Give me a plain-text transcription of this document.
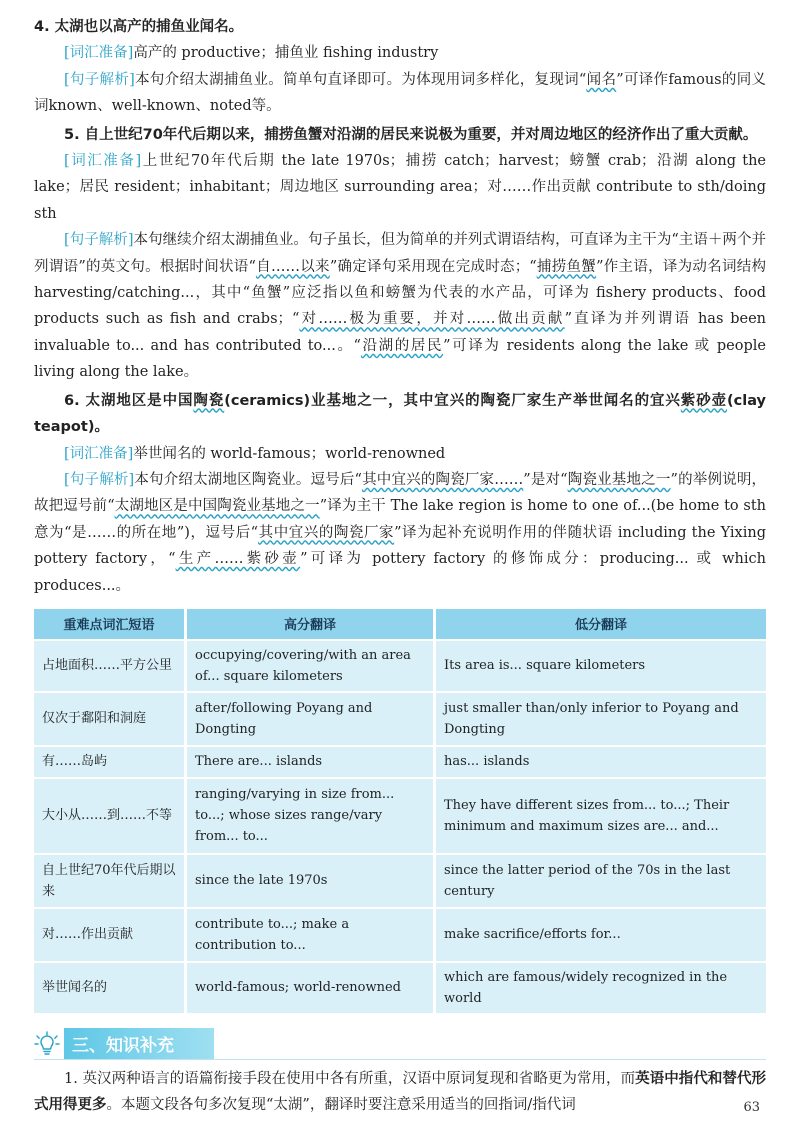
4. 太湖也以高产的捕鱼业闻名。

[词汇准备]高产的 productive；捕鱼业 fishing industry

[句子解析]本句介绍太湖捕鱼业。简单句直译即可。为体现用词多样化，复现词“闻名”可译作famous的同义词known、well-known、noted等。

5. 自上世纪70年代后期以来，捕捞鱼蟹对沿湖的居民来说极为重要，并对周边地区的经济作出了重大贡献。

[词汇准备]上世纪70年代后期 the late 1970s；捕捞 catch；harvest；螃蟹 crab；沿湖 along the lake；居民 resident；inhabitant；周边地区 surrounding area；对……作出贡献 contribute to sth/doing sth

[句子解析]本句继续介绍太湖捕鱼业。句子虽长，但为简单的并列式谓语结构，可直译为主干为“主语＋两个并列谓语”的英文句。根据时间状语“自……以来”确定译句采用现在完成时态；“捕捞鱼蟹”作主语，译为动名词结构 harvesting/catching...，其中“鱼蟹”应泛指以鱼和螃蟹为代表的水产品，可译为 fishery products、food products such as fish and crabs；“对……极为重要，并对……做出贡献”直译为并列谓语 has been invaluable to... and has contributed to...。“沿湖的居民”可译为 residents along the lake 或 people living along the lake。

6. 太湖地区是中国陶瓷(ceramics)业基地之一，其中宜兴的陶瓷厂家生产举世闻名的宜兴紫砂壶(clay teapot)。

[词汇准备]举世闻名的 world-famous；world-renowned

[句子解析]本句介绍太湖地区陶瓷业。逗号后“其中宜兴的陶瓷厂家……”是对“陶瓷业基地之一”的举例说明，故把逗号前“太湖地区是中国陶瓷业基地之一”译为主干 The lake region is home to one of...(be home to sth 意为“是……的所在地”)，逗号后“其中宜兴的陶瓷厂家”译为起补充说明作用的伴随状语 including the Yixing pottery factory，“生产……紫砂壶”可译为 pottery factory 的修饰成分：producing... 或 which produces...。

重难点词汇短语	高分翻译	低分翻译
占地面积……平方公里	occupying/covering/with an area of... square kilometers	Its area is... square kilometers
仅次于鄱阳和洞庭	after/following Poyang and Dongting	just smaller than/only inferior to Poyang and Dongting
有……岛屿	There are... islands	has... islands
大小从……到……不等	ranging/varying in size from... to...; whose sizes range/vary from... to...	They have different sizes from... to...; Their minimum and maximum sizes are... and...
自上世纪70年代后期以来	since the late 1970s	since the latter period of the 70s in the last century
对……作出贡献	contribute to...; make a contribution to...	make sacrifice/efforts for...
举世闻名的	world-famous; world-renowned	which are famous/widely recognized in the world
三、知识补充

1. 英汉两种语言的语篇衔接手段在使用中各有所重，汉语中原词复现和省略更为常用，而英语中指代和替代形式用得更多。本题文段各句多次复现“太湖”，翻译时要注意采用适当的回指词/指代词	63
